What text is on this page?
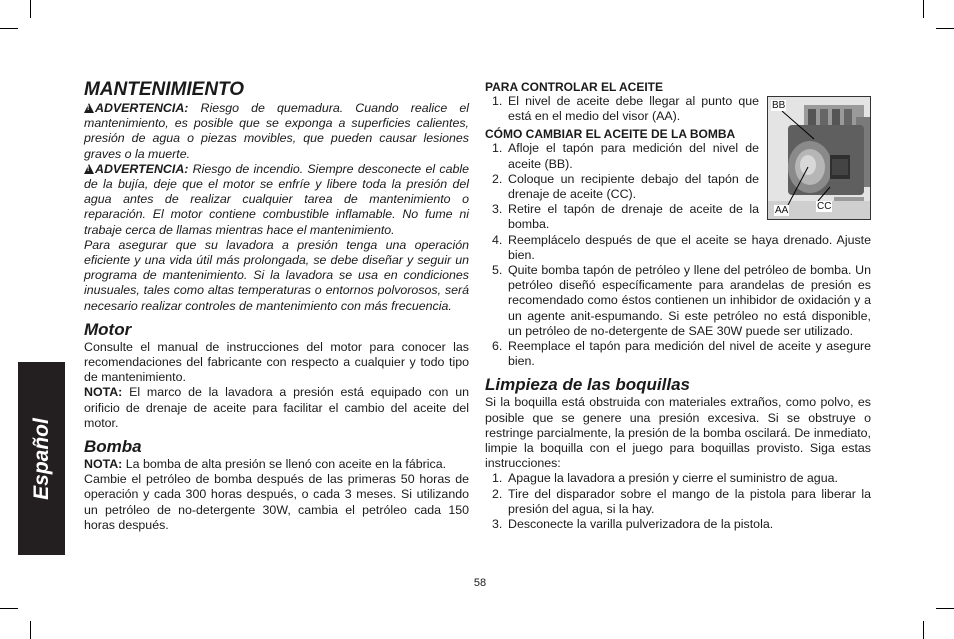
Español
MANTENIMIENTO

!ADVERTENCIA: Riesgo de quemadura. Cuando realice el mantenimiento, es posible que se exponga a superficies calientes, presión de agua o piezas movibles, que pueden causar lesiones graves o la muerte.

!ADVERTENCIA: Riesgo de incendio. Siempre desconecte el cable de la bujía, deje que el motor se enfríe y libere toda la presión del agua antes de realizar cualquier tarea de mantenimiento o reparación. El motor contiene combustible inflamable. No fume ni trabaje cerca de llamas mientras hace el mantenimiento.

Para asegurar que su lavadora a presión tenga una operación eficiente y una vida útil más prolongada, se debe diseñar y seguir un programa de mantenimiento. Si la lavadora se usa en condiciones inusuales, tales como altas temperaturas o entornos polvorosos, será necesario realizar controles de mantenimiento con más frecuencia.

Motor

Consulte el manual de instrucciones del motor para conocer las recomendaciones del fabricante con respecto a cualquier y todo tipo de mantenimiento.

NOTA: El marco de la lavadora a presión está equipado con un orificio de drenaje de aceite para facilitar el cambio del aceite del motor.

Bomba

NOTA: La bomba de alta presión se llenó con aceite en la fábrica.

Cambie el petróleo de bomba después de las primeras 50 horas de operación y cada 300 horas después, o cada 3 meses. Si utilizando un petróleo de no-detergente 30W, cambia el petróleo cada 150 horas después.

PARA CONTROLAR EL ACEITE
1. El nivel de aceite debe llegar al punto que está en el medio del visor (AA).
CÓMO CAMBIAR EL ACEITE DE LA BOMBA
1. Afloje el tapón para medición del nivel de aceite (BB).
2. Coloque un recipiente debajo del tapón de drenaje de aceite (CC).
3. Retire el tapón de drenaje de aceite de la bomba.
4. Reemplácelo después de que el aceite se haya drenado. Ajuste bien.
5. Quite bomba tapón de petróleo y llene del petróleo de bomba. Un petróleo diseñó específicamente para arandelas de presión es recomendado como éstos contienen un inhibidor de oxidación y a un agente anit-espumando. Si este petróleo no está disponible, un petróleo de no-detergente de SAE 30W puede ser utilizado.
6. Reemplace el tapón para medición del nivel de aceite y asegure bien.
Limpieza de las boquillas

Si la boquilla está obstruida con materiales extraños, como polvo, es posible que se genere una presión excesiva. Si se obstruye o restringe parcialmente, la presión de la bomba oscilará. De inmediato, limpie la boquilla con el juego para boquillas provisto. Siga estas instrucciones:

1. Apague la lavadora a presión y cierre el suministro de agua.
2. Tire del disparador sobre el mango de la pistola para liberar la presión del agua, si la hay.
3. Desconecte la varilla pulverizadora de la pistola.
BB
AA	CC
58
